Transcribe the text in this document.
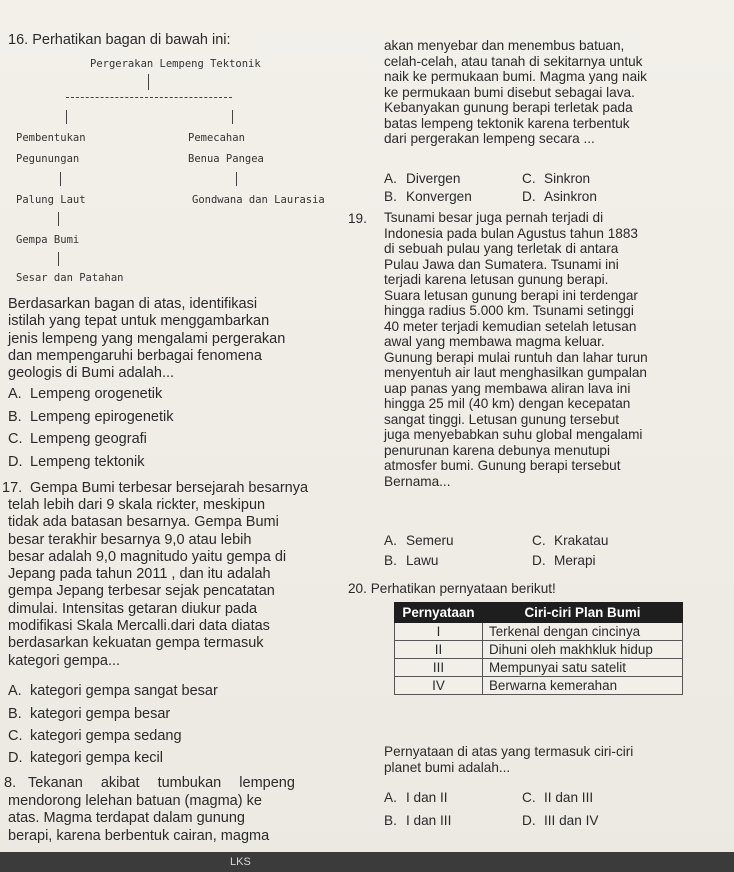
16. Perhatikan bagan di bawah ini:
Pergerakan Lempeng Tektonik
Pembentukan
Pegunungan
Pemecahan
Benua Pangea
Palung Laut	Gondwana dan Laurasia
Gempa Bumi
Sesar dan Patahan
Berdasarkan bagan di atas, identifikasi
istilah yang tepat untuk menggambarkan
jenis lempeng yang mengalami pergerakan
dan mempengaruhi berbagai fenomena
geologis di Bumi adalah...
A. Lempeng orogenetik
B. Lempeng epirogenetik
C. Lempeng geografi
D. Lempeng tektonik
17. Gempa Bumi terbesar bersejarah besarnya
telah lebih dari 9 skala rickter, meskipun
tidak ada batasan besarnya. Gempa Bumi
besar terakhir besarnya 9,0 atau lebih
besar adalah 9,0 magnitudo yaitu gempa di
Jepang pada tahun 2011 , dan itu adalah
gempa Jepang terbesar sejak pencatatan
dimulai. Intensitas getaran diukur pada
modifikasi Skala Mercalli.dari data diatas
berdasarkan kekuatan gempa termasuk
kategori gempa...
A. kategori gempa sangat besar
B. kategori gempa besar
C. kategori gempa sedang
D. kategori gempa kecil
8. Tekanan akibat tumbukan lempeng
mendorong lelehan batuan (magma) ke
atas. Magma terdapat dalam gunung
berapi, karena berbentuk cairan, magma
akan menyebar dan menembus batuan,
celah-celah, atau tanah di sekitarnya untuk
naik ke permukaan bumi. Magma yang naik
ke permukaan bumi disebut sebagai lava.
Kebanyakan gunung berapi terletak pada
batas lempeng tektonik karena terbentuk
dari pergerakan lempeng secara ...
A. Divergen	C. Sinkron
B. Konvergen	D. Asinkron
19. Tsunami besar juga pernah terjadi di
Indonesia pada bulan Agustus tahun 1883
di sebuah pulau yang terletak di antara
Pulau Jawa dan Sumatera. Tsunami ini
terjadi karena letusan gunung berapi.
Suara letusan gunung berapi ini terdengar
hingga radius 5.000 km. Tsunami setinggi
40 meter terjadi kemudian setelah letusan
awal yang membawa magma keluar.
Gunung berapi mulai runtuh dan lahar turun
menyentuh air laut menghasilkan gumpalan
uap panas yang membawa aliran lava ini
hingga 25 mil (40 km) dengan kecepatan
sangat tinggi. Letusan gunung tersebut
juga menyebabkan suhu global mengalami
penurunan karena debunya menutupi
atmosfer bumi. Gunung berapi tersebut
Bernama...
A. Semeru	C. Krakatau
B. Lawu	D. Merapi
20. Perhatikan pernyataan berikut!
Pernyataan di atas yang termasuk ciri-ciri
planet bumi adalah...
A. I dan II	C. II dan III
B. I dan III	D. III dan IV
Pernyataan	Ciri-ciri Plan Bumi
I	Terkenal dengan cincinya
II	Dihuni oleh makhkluk hidup
III	Mempunyai satu satelit
IV	Berwarna kemerahan
LKS
